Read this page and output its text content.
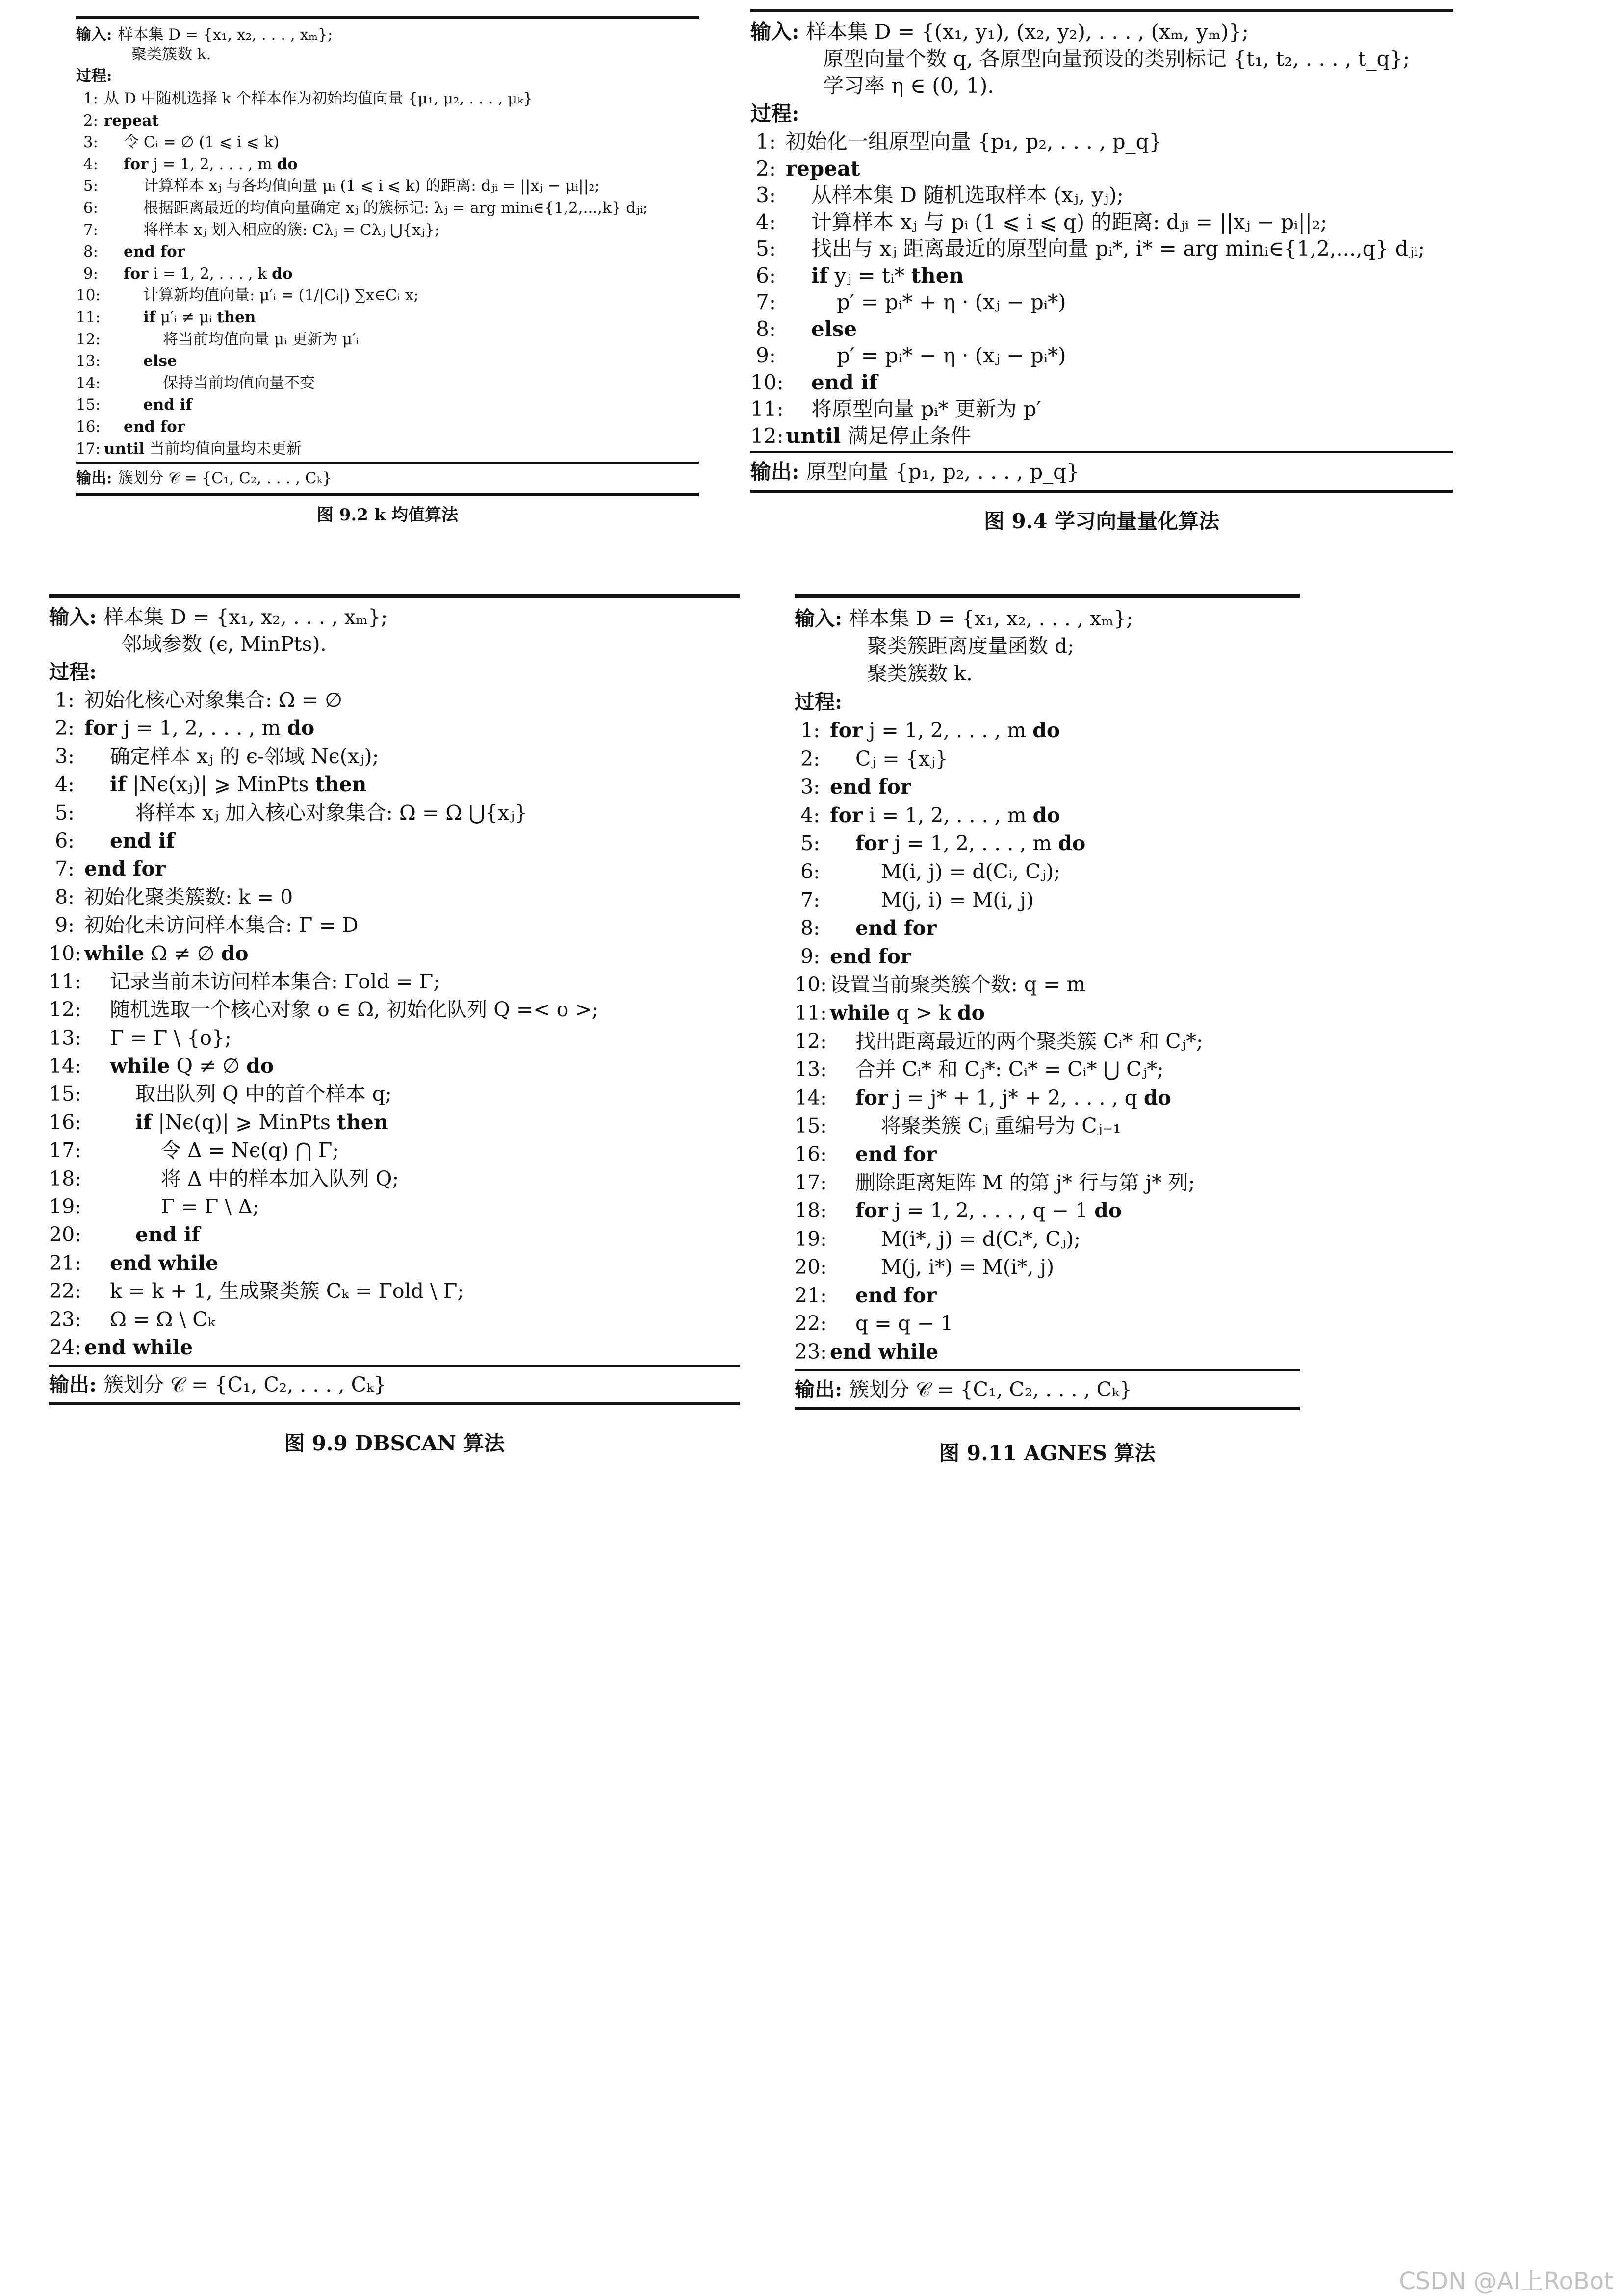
输入: 样本集 D = {x₁, x₂, . . . , xₘ};
聚类簇数 k.
过程:
1: 从 D 中随机选择 k 个样本作为初始均值向量 {μ₁, μ₂, . . . , μₖ}
2: repeat
3:	令 Cᵢ = ∅ (1 ⩽ i ⩽ k)
4:	for j = 1, 2, . . . , m do
5:	计算样本 xⱼ 与各均值向量 μᵢ (1 ⩽ i ⩽ k) 的距离: dⱼᵢ = ||xⱼ − μᵢ||₂;
6:	根据距离最近的均值向量确定 xⱼ 的簇标记: λⱼ = arg minᵢ∈{1,2,...,k} dⱼᵢ;
7:	将样本 xⱼ 划入相应的簇: Cλⱼ = Cλⱼ ⋃{xⱼ};
8:	end for
9:	for i = 1, 2, . . . , k do
10:	计算新均值向量: μ′ᵢ = (1/|Cᵢ|) ∑x∈Cᵢ x;
11:	if μ′ᵢ ≠ μᵢ then
12:	将当前均值向量 μᵢ 更新为 μ′ᵢ
13:	else
14:	保持当前均值向量不变
15:	end if
16:	end for
17: until 当前均值向量均未更新
输出: 簇划分 𝒞 = {C₁, C₂, . . . , Cₖ}
图 9.2 k 均值算法
输入: 样本集 D = {(x₁, y₁), (x₂, y₂), . . . , (xₘ, yₘ)};
原型向量个数 q, 各原型向量预设的类别标记 {t₁, t₂, . . . , t_q};
学习率 η ∈ (0, 1).
过程:
1: 初始化一组原型向量 {p₁, p₂, . . . , p_q}
2: repeat
3:	从样本集 D 随机选取样本 (xⱼ, yⱼ);
4:	计算样本 xⱼ 与 pᵢ (1 ⩽ i ⩽ q) 的距离: dⱼᵢ = ||xⱼ − pᵢ||₂;
5:	找出与 xⱼ 距离最近的原型向量 pᵢ*, i* = arg minᵢ∈{1,2,...,q} dⱼᵢ;
6:	if yⱼ = tᵢ* then
7:	p′ = pᵢ* + η · (xⱼ − pᵢ*)
8:	else
9:	p′ = pᵢ* − η · (xⱼ − pᵢ*)
10:	end if
11:	将原型向量 pᵢ* 更新为 p′
12: until 满足停止条件
输出: 原型向量 {p₁, p₂, . . . , p_q}
图 9.4 学习向量量化算法
输入: 样本集 D = {x₁, x₂, . . . , xₘ};
邻域参数 (ϵ, MinPts).
过程:
1: 初始化核心对象集合: Ω = ∅
2: for j = 1, 2, . . . , m do
3:	确定样本 xⱼ 的 ϵ-邻域 Nϵ(xⱼ);
4:	if |Nϵ(xⱼ)| ⩾ MinPts then
5:	将样本 xⱼ 加入核心对象集合: Ω = Ω ⋃{xⱼ}
6:	end if
7: end for
8: 初始化聚类簇数: k = 0
9: 初始化未访问样本集合: Γ = D
10: while Ω ≠ ∅ do
11:	记录当前未访问样本集合: Γold = Γ;
12:	随机选取一个核心对象 o ∈ Ω, 初始化队列 Q =< o >;
13:	Γ = Γ \ {o};
14:	while Q ≠ ∅ do
15:	取出队列 Q 中的首个样本 q;
16:	if |Nϵ(q)| ⩾ MinPts then
17:	令 Δ = Nϵ(q) ⋂ Γ;
18:	将 Δ 中的样本加入队列 Q;
19:	Γ = Γ \ Δ;
20:	end if
21:	end while
22:	k = k + 1, 生成聚类簇 Cₖ = Γold \ Γ;
23:	Ω = Ω \ Cₖ
24: end while
输出: 簇划分 𝒞 = {C₁, C₂, . . . , Cₖ}
图 9.9 DBSCAN 算法
输入: 样本集 D = {x₁, x₂, . . . , xₘ};
聚类簇距离度量函数 d;
聚类簇数 k.
过程:
1: for j = 1, 2, . . . , m do
2:	Cⱼ = {xⱼ}
3: end for
4: for i = 1, 2, . . . , m do
5:	for j = 1, 2, . . . , m do
6:	M(i, j) = d(Cᵢ, Cⱼ);
7:	M(j, i) = M(i, j)
8:	end for
9: end for
10: 设置当前聚类簇个数: q = m
11: while q > k do
12:	找出距离最近的两个聚类簇 Cᵢ* 和 Cⱼ*;
13:	合并 Cᵢ* 和 Cⱼ*: Cᵢ* = Cᵢ* ⋃ Cⱼ*;
14:	for j = j* + 1, j* + 2, . . . , q do
15:	将聚类簇 Cⱼ 重编号为 Cⱼ₋₁
16:	end for
17:	删除距离矩阵 M 的第 j* 行与第 j* 列;
18:	for j = 1, 2, . . . , q − 1 do
19:	M(i*, j) = d(Cᵢ*, Cⱼ);
20:	M(j, i*) = M(i*, j)
21:	end for
22:	q = q − 1
23: end while
输出: 簇划分 𝒞 = {C₁, C₂, . . . , Cₖ}
图 9.11 AGNES 算法
CSDN @AI上RoBot
